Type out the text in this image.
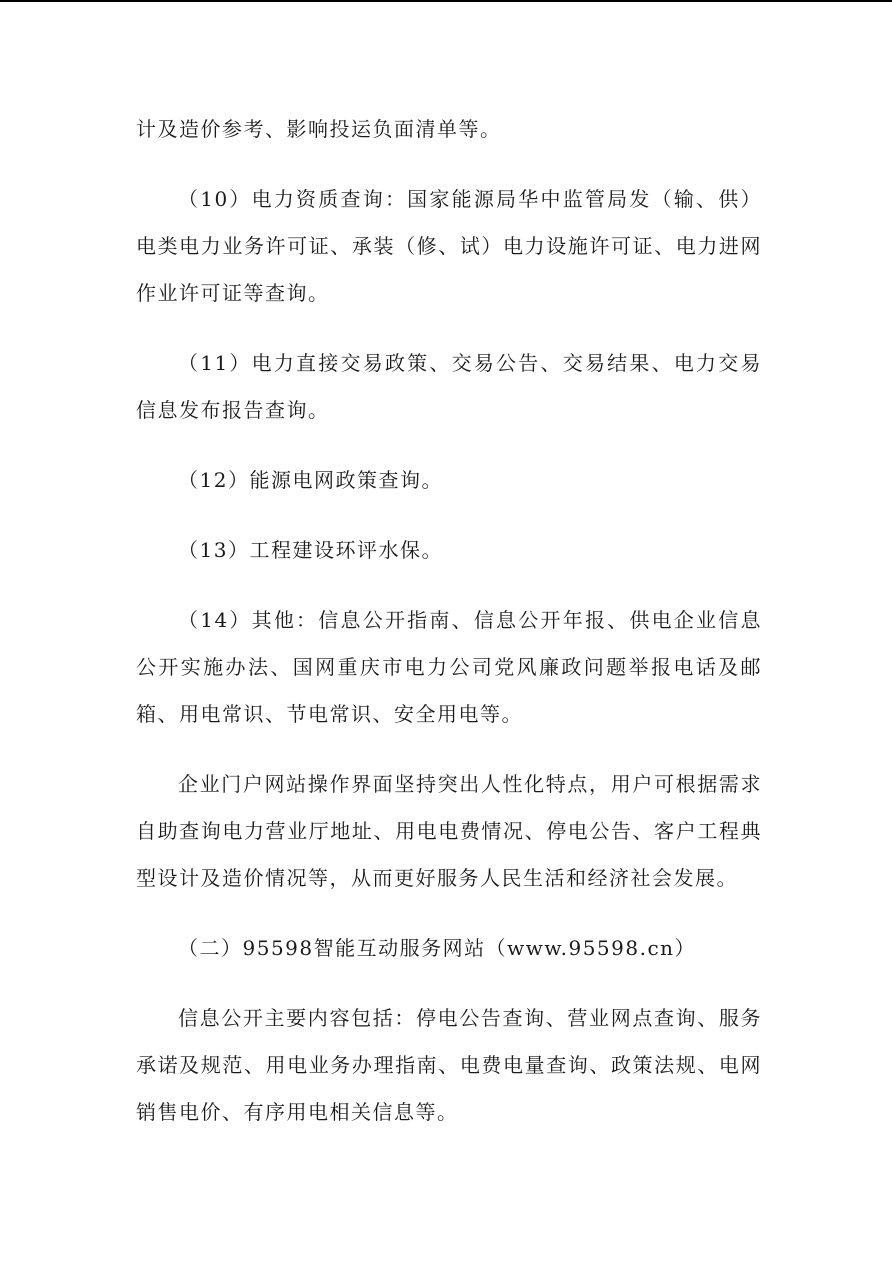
计及造价参考、影响投运负面清单等。

（10）电力资质查询：国家能源局华中监管局发（输、供）电类电力业务许可证、承装（修、试）电力设施许可证、电力进网作业许可证等查询。

（11）电力直接交易政策、交易公告、交易结果、电力交易信息发布报告查询。

（12）能源电网政策查询。

（13）工程建设环评水保。

（14）其他：信息公开指南、信息公开年报、供电企业信息公开实施办法、国网重庆市电力公司党风廉政问题举报电话及邮箱、用电常识、节电常识、安全用电等。

企业门户网站操作界面坚持突出人性化特点，用户可根据需求自助查询电力营业厅地址、用电电费情况、停电公告、客户工程典型设计及造价情况等，从而更好服务人民生活和经济社会发展。

（二）95598智能互动服务网站（www.95598.cn）

信息公开主要内容包括：停电公告查询、营业网点查询、服务承诺及规范、用电业务办理指南、电费电量查询、政策法规、电网销售电价、有序用电相关信息等。
